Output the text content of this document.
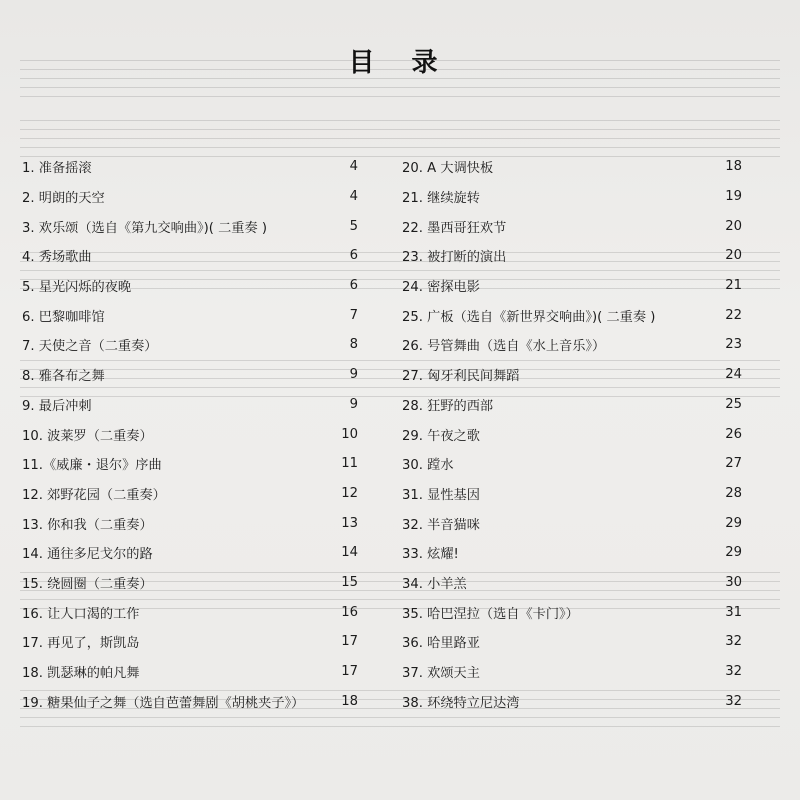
目 录
1. 准备摇滚	4
2. 明朗的天空	4
3. 欢乐颂（选自《第九交响曲》)( 二重奏 )	5
4. 秀场歌曲	6
5. 星光闪烁的夜晚	6
6. 巴黎咖啡馆	7
7. 天使之音（二重奏）	8
8. 雅各布之舞	9
9. 最后冲刺	9
10. 波莱罗（二重奏）	10
11.《威廉・退尔》序曲	11
12. 郊野花园（二重奏）	12
13. 你和我（二重奏）	13
14. 通往多尼戈尔的路	14
15. 绕圆圈（二重奏）	15
16. 让人口渴的工作	16
17. 再见了，斯凯岛	17
18. 凯瑟琳的帕凡舞	17
19. 糖果仙子之舞（选自芭蕾舞剧《胡桃夹子》）	18
20. A 大调快板	18
21. 继续旋转	19
22. 墨西哥狂欢节	20
23. 被打断的演出	20
24. 密探电影	21
25. 广板（选自《新世界交响曲》)( 二重奏 )	22
26. 号管舞曲（选自《水上音乐》）	23
27. 匈牙利民间舞蹈	24
28. 狂野的西部	25
29. 午夜之歌	26
30. 蹚水	27
31. 显性基因	28
32. 半音猫咪	29
33. 炫耀!	29
34. 小羊羔	30
35. 哈巴涅拉（选自《卡门》）	31
36. 哈里路亚	32
37. 欢颂天主	32
38. 环绕特立尼达湾	32
